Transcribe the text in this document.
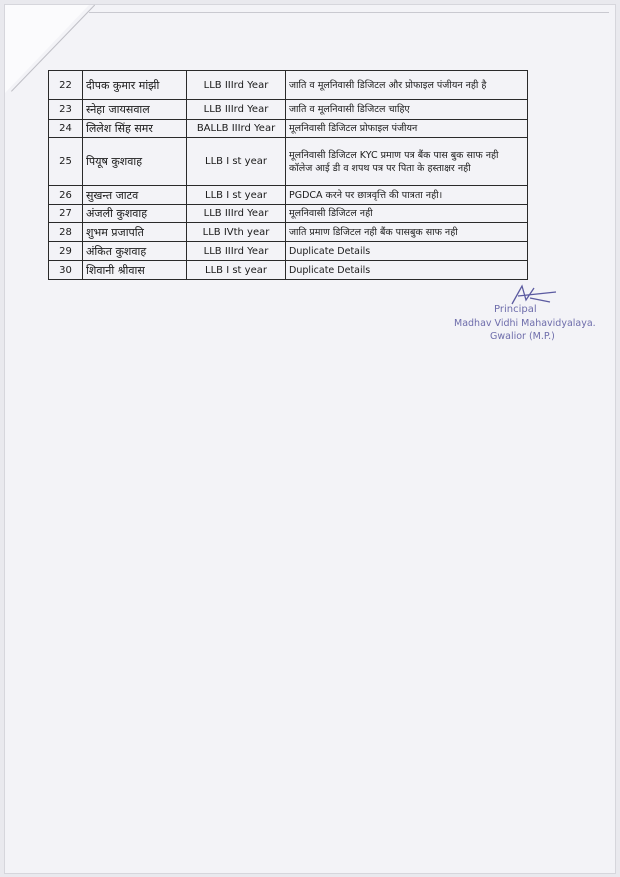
22	दीपक कुमार मांझी	LLB IIIrd Year	जाति व मूलनिवासी डिजिटल और प्रोफाइल पंजीयन नही है
23	स्नेहा जायसवाल	LLB IIIrd Year	जाति व मूलनिवासी डिजिटल चाहिए
24	लिलेश सिंह समर	BALLB IIIrd Year	मूलनिवासी डिजिटल प्रोफाइल पंजीयन
25	पियूष कुशवाह	LLB I st year	मूलनिवासी डिजिटल KYC प्रमाण पत्र बैंक पास बुक साफ नही कॉलेज आई डी व शपथ पत्र पर पिता के हस्ताक्षर नही
26	सुखन्त जाटव	LLB I st year	PGDCA करने पर छात्रवृत्ति की पात्रता नही।
27	अंजली कुशवाह	LLB IIIrd Year	मूलनिवासी डिजिटल नही
28	शुभम प्रजापति	LLB IVth year	जाति प्रमाण डिजिटल नही बैंक पासबुक साफ नही
29	अंकित कुशवाह	LLB IIIrd Year	Duplicate Details
30	शिवानी श्रीवास	LLB I st year	Duplicate Details
Principal
Madhav Vidhi Mahavidyalaya.
Gwalior (M.P.)
